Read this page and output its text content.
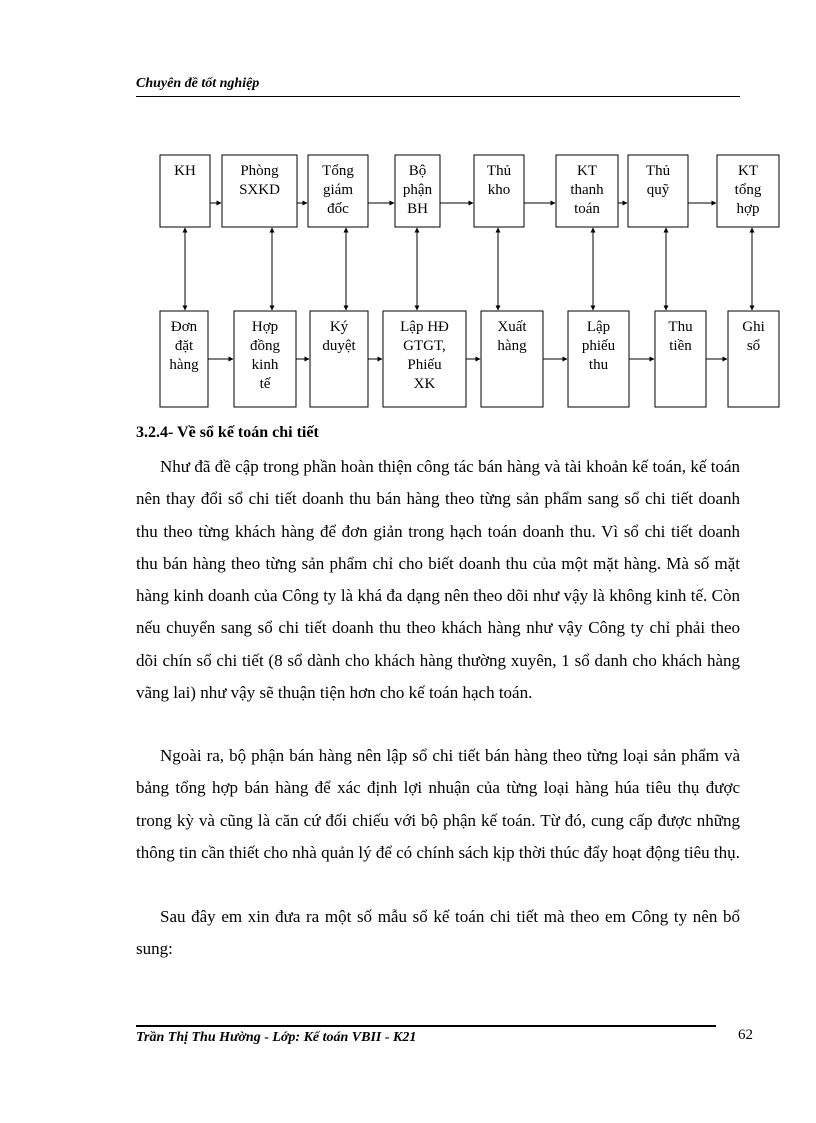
Chuyên đề tốt nghiệp
KH	Phòng
SXKD
Tổng
giám
đốc
Bộ
phận
BH
Thủ
kho
KT
thanh
toán
Thủ
quỹ
KT
tổng
hợp
Đơn
đặt
hàng
Hợp
đồng
kinh
tế
Ký
duyệt
Lập HĐ
GTGT,
Phiếu
XK
Xuất
hàng
Lập
phiếu
thu
Thu
tiền
Ghi
sổ
3.2.4- Về sổ kế toán chi tiết

Như đã đề cập trong phần hoàn thiện công tác bán hàng và tài khoản kế toán, kế toán nên thay đổi sổ chi tiết doanh thu bán hàng theo từng sản phẩm sang sổ chi tiết doanh thu theo từng khách hàng để đơn giản trong hạch toán doanh thu. Vì sổ chi tiết doanh thu bán hàng theo từng sản phẩm chỉ cho biết doanh thu của một mặt hàng. Mà số mặt hàng kinh doanh của Công ty là khá đa dạng nên theo dõi như vậy là không kinh tế. Còn nếu chuyển sang sổ chi tiết doanh thu theo khách hàng như vậy Công ty chỉ phải theo dõi chín sổ chi tiết (8 sổ dành cho khách hàng thường xuyên, 1 sổ danh cho khách hàng vãng lai) như vậy sẽ thuận tiện hơn cho kế toán hạch toán.

Ngoài ra, bộ phận bán hàng nên lập sổ chi tiết bán hàng theo từng loại sản phẩm và bảng tổng hợp bán hàng để xác định lợi nhuận của từng loại hàng húa tiêu thụ được trong kỳ và cũng là căn cứ đối chiếu với bộ phận kế toán. Từ đó, cung cấp được những thông tin cần thiết cho nhà quản lý để có chính sách kịp thời thúc đẩy hoạt động tiêu thụ.

Sau đây em xin đưa ra một số mẫu sổ kế toán chi tiết mà theo em Công ty nên bổ sung:

Trần Thị Thu Hường - Lớp: Kế toán VBII - K21	62
